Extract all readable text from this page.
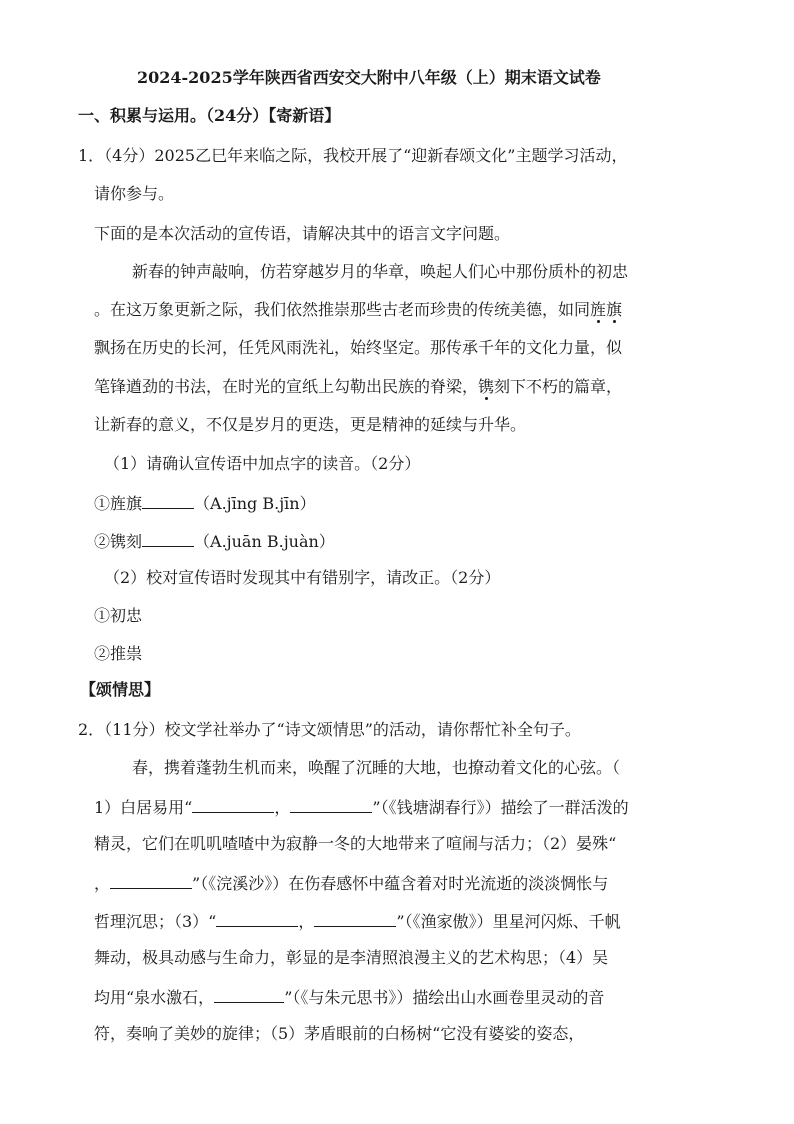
2024-2025学年陕西省西安交大附中八年级（上）期末语文试卷
一、积累与运用。（24分）【寄新语】
1．（4分）2025乙巳年来临之际，我校开展了“迎新春颂文化”主题学习活动，
请你参与。
下面的是本次活动的宣传语，请解决其中的语言文字问题。
新春的钟声敲响，仿若穿越岁月的华章，唤起人们心中那份质朴的初忠
。在这万象更新之际，我们依然推崇那些古老而珍贵的传统美德，如同旌旗
飘扬在历史的长河，任凭风雨洗礼，始终坚定。那传承千年的文化力量，似
笔锋遒劲的书法，在时光的宣纸上勾勒出民族的脊梁，镌刻下不朽的篇章，
让新春的意义，不仅是岁月的更迭，更是精神的延续与升华。
（1）请确认宣传语中加点字的读音。（2分）
①旌旗	（A.jīng B.jīn）
②镌刻	（A.juān B.juàn）
（2）校对宣传语时发现其中有错别字，请改正。（2分）
①初忠
②推祟
【颂情思】
2．（11分）校文学社举办了“诗文颂情思”的活动，请你帮忙补全句子。
春，携着蓬勃生机而来，唤醒了沉睡的大地，也撩动着文化的心弦。（
1）白居易用“	，	”（《钱塘湖春行》）描绘了一群活泼的
精灵，它们在叽叽喳喳中为寂静一冬的大地带来了喧闹与活力；（2）晏殊“
，	”（《浣溪沙》）在伤春感怀中蕴含着对时光流逝的淡淡惆怅与
哲理沉思；（3）“	，	”（《渔家傲》）里星河闪烁、千帆
舞动，极具动感与生命力，彰显的是李清照浪漫主义的艺术构思；（4）吴
均用“泉水激石，	”（《与朱元思书》）描绘出山水画卷里灵动的音
符，奏响了美妙的旋律；（5）茅盾眼前的白杨树“它没有婆娑的姿态，
